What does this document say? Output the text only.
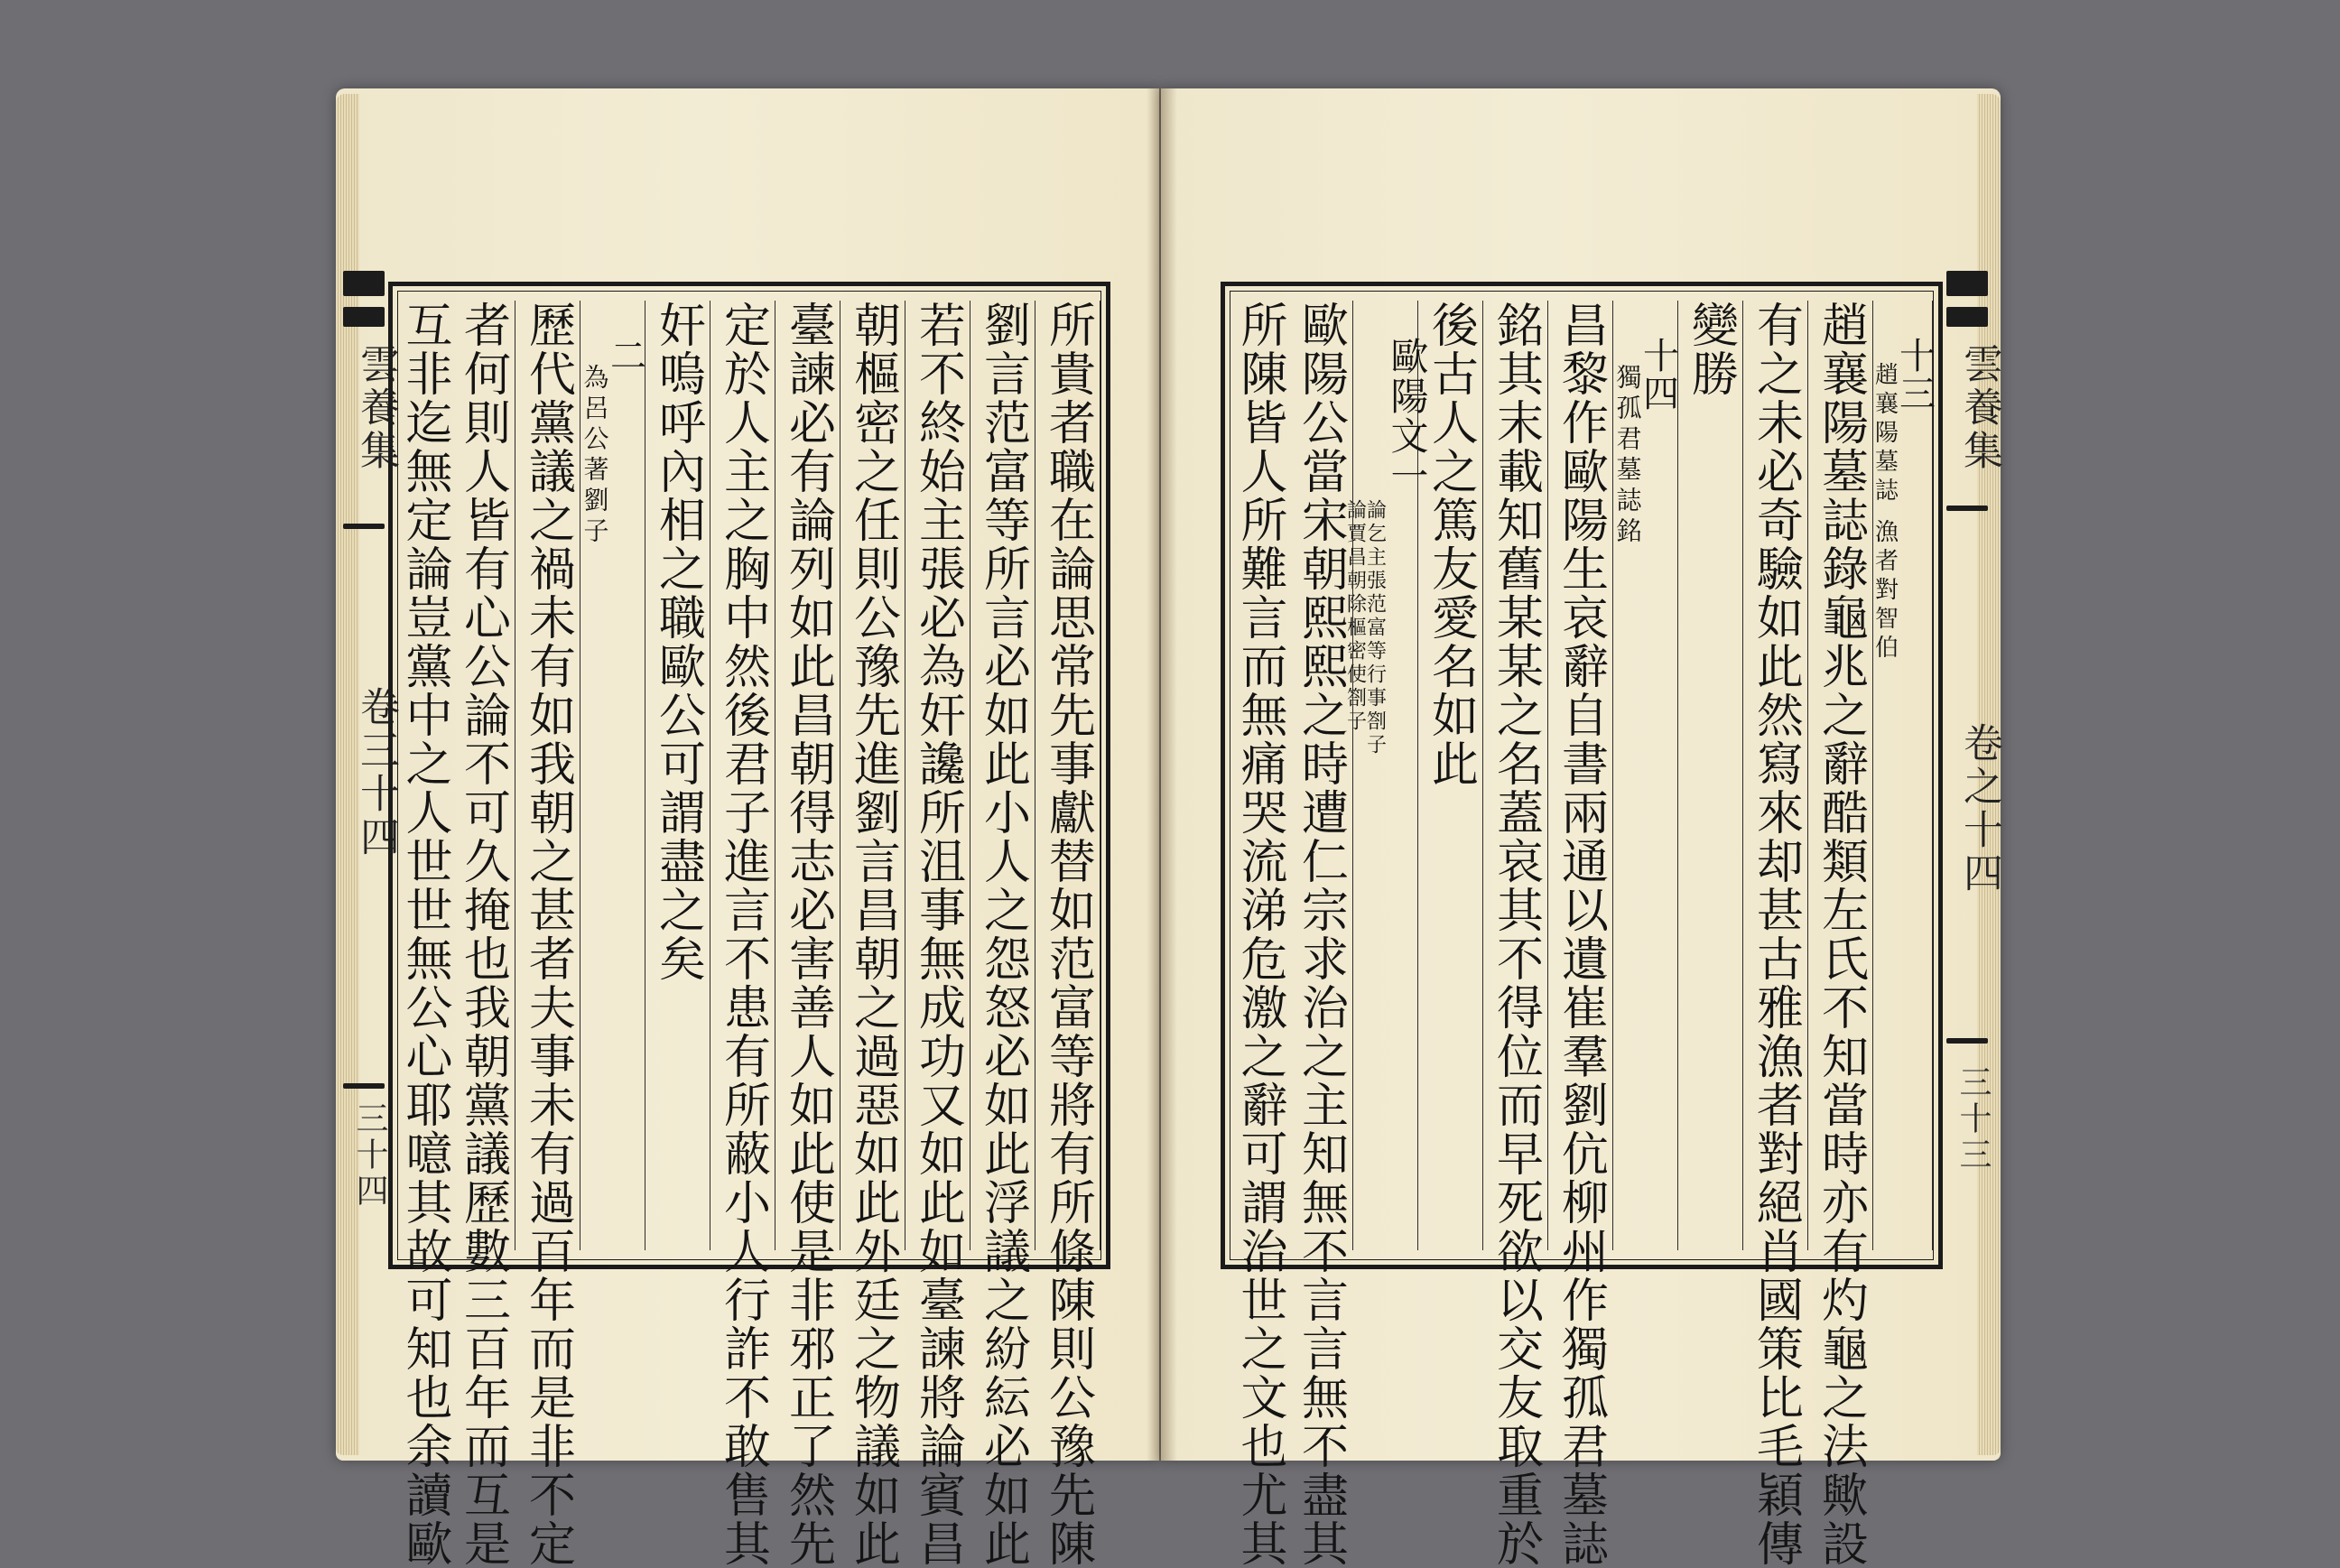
雲養集
卷三十四
三十四
雲養集
卷之十四
三十三
所貴者職在論思常先事獻替如范富等將有所條陳則公豫先陳
劉言范富等所言必如此小人之怨怒必如此浮議之紛紜必如此
若不終始主張必為奸讒所沮事無成功又如此如臺諫將論賓昌
朝樞密之任則公豫先進劉言昌朝之過惡如此外廷之物議如此
臺諫必有論列如此昌朝得志必害善人如此使是非邪正了然先
定於人主之胸中然後君子進言不患有所蔽小人行詐不敢售其
奸嗚呼內相之職歐公可謂盡之矣
二
為呂公著劉子
歷代黨議之禍未有如我朝之甚者夫事未有過百年而是非不定
者何則人皆有心公論不可久掩也我朝黨議歷數三百年而互是
互非迄無定論豈黨中之人世世無公心耶噫其故可知也余讀歐	十三
趙襄陽墓誌 漁者對智伯
趙襄陽墓誌錄龜兆之辭酷類左氏不知當時亦有灼龜之法歟設
有之未必奇驗如此然寫來却甚古雅漁者對絕肖國策比毛穎傳
變勝
十四
獨孤君墓誌銘
昌黎作歐陽生哀辭自書兩通以遺崔羣劉伉柳州作獨孤君墓誌
銘其末載知舊某某之名蓋哀其不得位而早死欲以交友取重於
後古人之篤友愛名如此
歐陽文一
論乞主張范富等行事劄子
論賈昌朝除樞密使劄子
歐陽公當宋朝熙熙之時遭仁宗求治之主知無不言言無不盡其
所陳皆人所難言而無痛哭流涕危激之辭可謂治世之文也尤其
